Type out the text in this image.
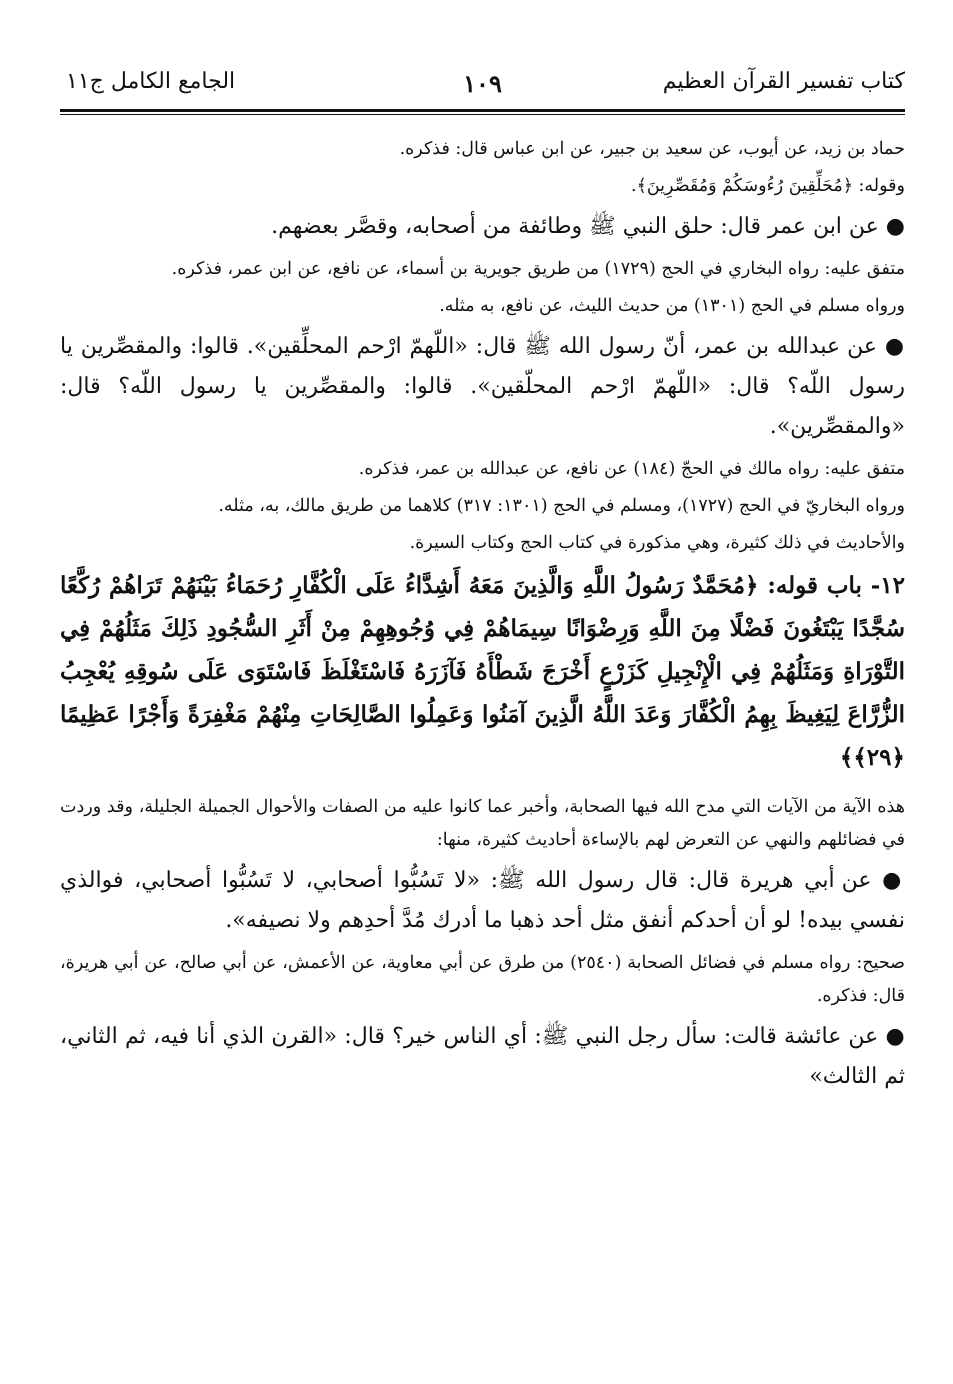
كتاب تفسير القرآن العظيم
١٠٩
الجامع الكامل ج١١

حماد بن زيد، عن أيوب، عن سعيد بن جبير، عن ابن عباس قال: فذكره.

وقوله: ﴿مُحَلِّقِينَ رُءُوسَكُمْ وَمُقَصِّرِينَ﴾.

● عن ابن عمر قال: حلق النبي ﷺ وطائفة من أصحابه، وقصَّر بعضهم.

متفق عليه: رواه البخاري في الحج (١٧٢٩) من طريق جويرية بن أسماء، عن نافع، عن ابن عمر، فذكره.

ورواه مسلم في الحج (١٣٠١) من حديث الليث، عن نافع، به مثله.

● عن عبدالله بن عمر، أنّ رسول الله ﷺ قال: «اللّهمّ ارْحم المحلِّقين». قالوا: والمقصِّرين يا رسول اللّه؟ قال: «اللّهمّ ارْحم المحلّقين». قالوا: والمقصِّرين يا رسول اللّه؟ قال: «والمقصِّرين».

متفق عليه: رواه مالك في الحجّ (١٨٤) عن نافع، عن عبدالله بن عمر، فذكره.

ورواه البخاريّ في الحج (١٧٢٧)، ومسلم في الحج (١٣٠١: ٣١٧) كلاهما من طريق مالك، به، مثله.

والأحاديث في ذلك كثيرة، وهي مذكورة في كتاب الحج وكتاب السيرة.

١٢- باب قوله: ﴿مُحَمَّدٌ رَسُولُ اللَّهِ وَالَّذِينَ مَعَهُ أَشِدَّاءُ عَلَى الْكُفَّارِ رُحَمَاءُ بَيْنَهُمْ تَرَاهُمْ رُكَّعًا سُجَّدًا يَبْتَغُونَ فَضْلًا مِنَ اللَّهِ وَرِضْوَانًا سِيمَاهُمْ فِي وُجُوهِهِمْ مِنْ أَثَرِ السُّجُودِ ذَلِكَ مَثَلُهُمْ فِي التَّوْرَاةِ وَمَثَلُهُمْ فِي الْإِنْجِيلِ كَزَرْعٍ أَخْرَجَ شَطْأَهُ فَآزَرَهُ فَاسْتَغْلَظَ فَاسْتَوَى عَلَى سُوقِهِ يُعْجِبُ الزُّرَّاعَ لِيَغِيظَ بِهِمُ الْكُفَّارَ وَعَدَ اللَّهُ الَّذِينَ آمَنُوا وَعَمِلُوا الصَّالِحَاتِ مِنْهُمْ مَغْفِرَةً وَأَجْرًا عَظِيمًا ﴿٢٩﴾﴾

هذه الآية من الآيات التي مدح الله فيها الصحابة، وأخبر عما كانوا عليه من الصفات والأحوال الجميلة الجليلة، وقد وردت في فضائلهم والنهي عن التعرض لهم بالإساءة أحاديث كثيرة، منها:

● عن أبي هريرة قال: قال رسول الله ﷺ: «لا تَسُبُّوا أصحابي، لا تَسُبُّوا أصحابي، فوالذي نفسي بيده! لو أن أحدكم أنفق مثل أحد ذهبا ما أدرك مُدَّ أحدِهم ولا نصيفه».

صحيح: رواه مسلم في فضائل الصحابة (٢٥٤٠) من طرق عن أبي معاوية، عن الأعمش، عن أبي صالح، عن أبي هريرة، قال: فذكره.

● عن عائشة قالت: سأل رجل النبي ﷺ: أي الناس خير؟ قال: «القرن الذي أنا فيه، ثم الثاني، ثم الثالث»
